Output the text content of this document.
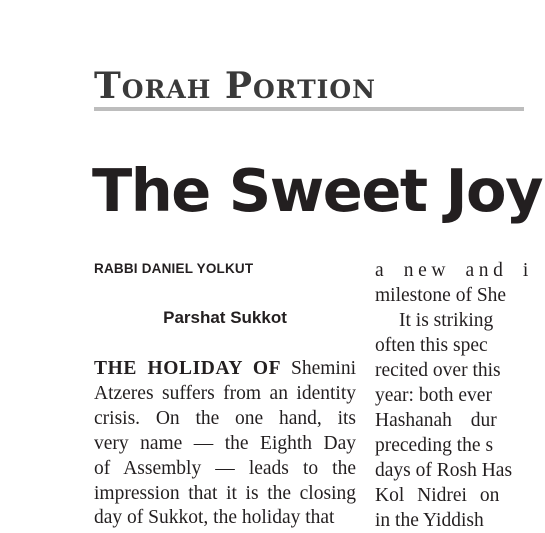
Torah Portion
The Sweet Joy
RABBI DANIEL YOLKUT
Parshat Sukkot
THE HOLIDAY OF Shemini
Atzeres suffers from an identity
crisis. On the one hand, its
very name — the Eighth Day
of Assembly — leads to the
impression that it is the closing
day of Sukkot, the holiday that
a new and i
milestone of She
It is striking
often this spec
recited over this
year: both ever
Hashanah dur
preceding the s
days of Rosh Has
Kol Nidrei on
in the Yiddish
